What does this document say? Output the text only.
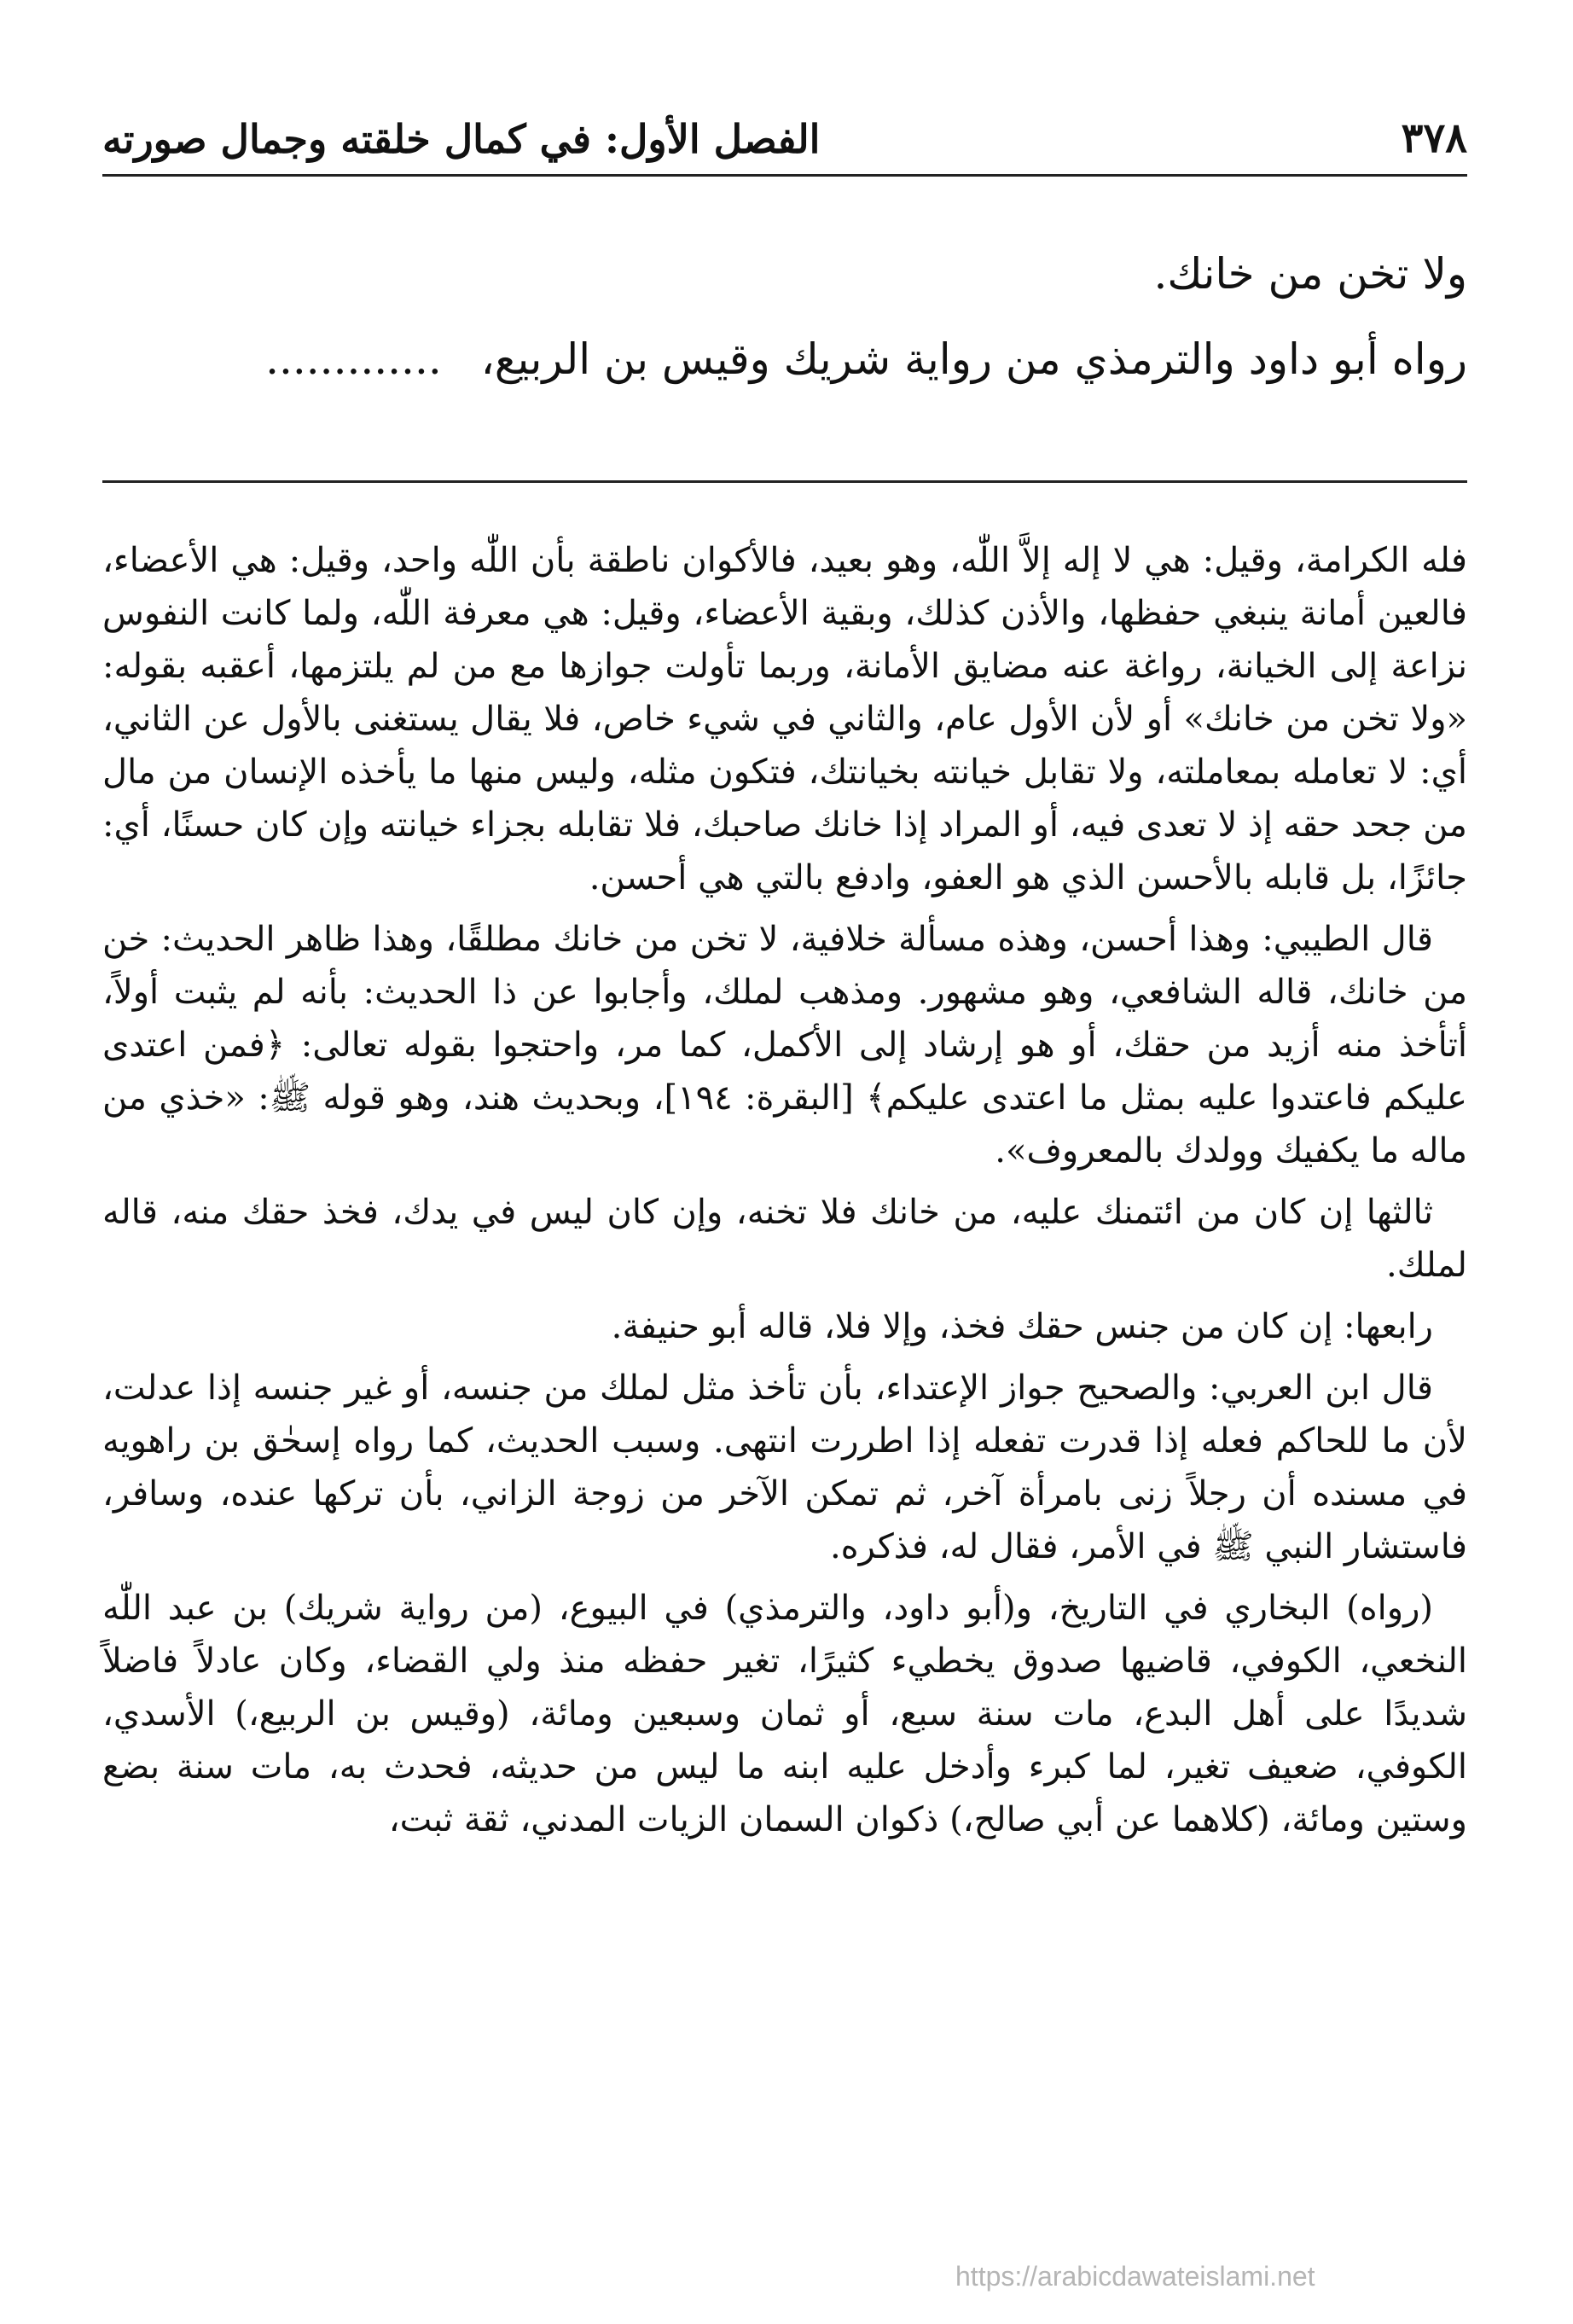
٣٧٨
الفصل الأول: في كمال خلقته وجمال صورته

ولا تخن من خانك.

رواه أبو داود والترمذي من رواية شريك وقيس بن الربيع، .............

فله الكرامة، وقيل: هي لا إله إلاَّ اللّٰه، وهو بعيد، فالأكوان ناطقة بأن اللّٰه واحد، وقيل: هي الأعضاء، فالعين أمانة ينبغي حفظها، والأذن كذلك، وبقية الأعضاء، وقيل: هي معرفة اللّٰه، ولما كانت النفوس نزاعة إلى الخيانة، رواغة عنه مضايق الأمانة، وربما تأولت جوازها مع من لم يلتزمها، أعقبه بقوله: «ولا تخن من خانك» أو لأن الأول عام، والثاني في شيء خاص، فلا يقال يستغنى بالأول عن الثاني، أي: لا تعامله بمعاملته، ولا تقابل خيانته بخيانتك، فتكون مثله، وليس منها ما يأخذه الإنسان من مال من جحد حقه إذ لا تعدى فيه، أو المراد إذا خانك صاحبك، فلا تقابله بجزاء خيانته وإن كان حسنًا، أي: جائزًا، بل قابله بالأحسن الذي هو العفو، وادفع بالتي هي أحسن.

قال الطيبي: وهذا أحسن، وهذه مسألة خلافية، لا تخن من خانك مطلقًا، وهذا ظاهر الحديث: خن من خانك، قاله الشافعي، وهو مشهور. ومذهب لملك، وأجابوا عن ذا الحديث: بأنه لم يثبت أولاً، أتأخذ منه أزيد من حقك، أو هو إرشاد إلى الأكمل، كما مر، واحتجوا بقوله تعالى: ﴿فمن اعتدى عليكم فاعتدوا عليه بمثل ما اعتدى عليكم﴾ [البقرة: ١٩٤]، وبحديث هند، وهو قوله ﷺ: «خذي من ماله ما يكفيك وولدك بالمعروف».

ثالثها إن كان من ائتمنك عليه، من خانك فلا تخنه، وإن كان ليس في يدك، فخذ حقك منه، قاله لملك.

رابعها: إن كان من جنس حقك فخذ، وإلا فلا، قاله أبو حنيفة.

قال ابن العربي: والصحيح جواز الإعتداء، بأن تأخذ مثل لملك من جنسه، أو غير جنسه إذا عدلت، لأن ما للحاكم فعله إذا قدرت تفعله إذا اطررت انتهى. وسبب الحديث، كما رواه إسحٰق بن راهويه في مسنده أن رجلاً زنى بامرأة آخر، ثم تمكن الآخر من زوجة الزاني، بأن تركها عنده، وسافر، فاستشار النبي ﷺ في الأمر، فقال له، فذكره.

(رواه) البخاري في التاريخ، و(أبو داود، والترمذي) في البيوع، (من رواية شريك) بن عبد اللّٰه النخعي، الكوفي، قاضيها صدوق يخطيء كثيرًا، تغير حفظه منذ ولي القضاء، وكان عادلاً فاضلاً شديدًا على أهل البدع، مات سنة سبع، أو ثمان وسبعين ومائة، (وقيس بن الربيع،) الأسدي، الكوفي، ضعيف تغير، لما كبرء وأدخل عليه ابنه ما ليس من حديثه، فحدث به، مات سنة بضع وستين ومائة، (كلاهما عن أبي صالح،) ذكوان السمان الزيات المدني، ثقة ثبت،

https://arabicdawateislami.net
